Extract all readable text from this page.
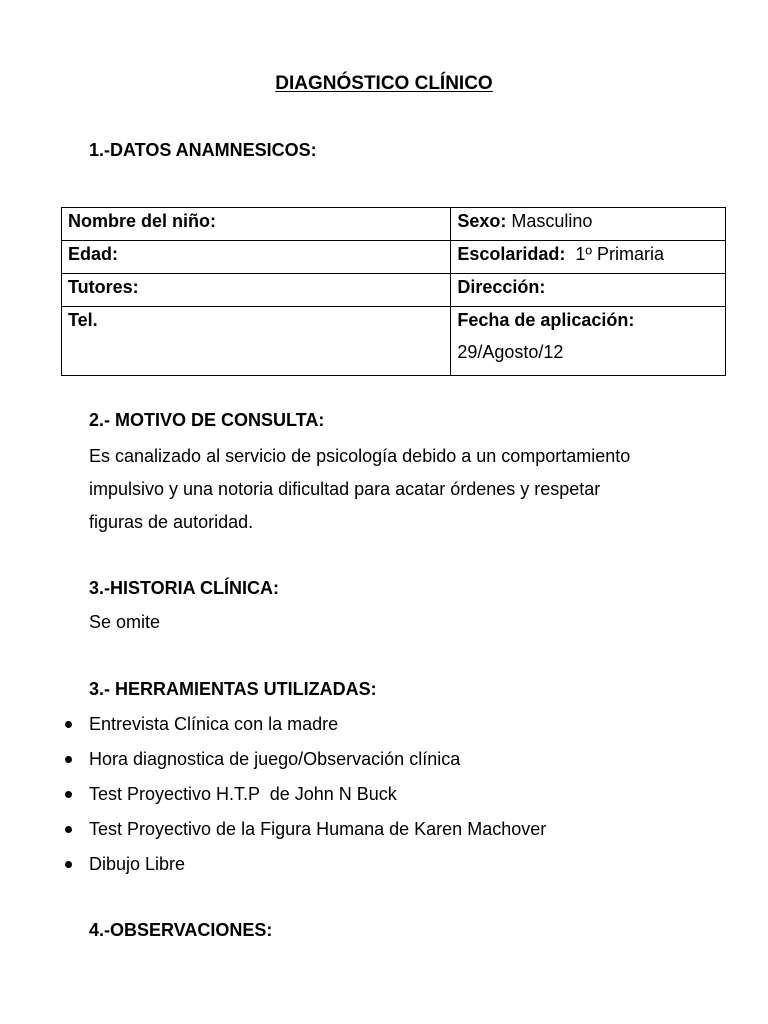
DIAGNÓSTICO CLÍNICO
1.-DATOS ANAMNESICOS:
Nombre del niño:	Sexo: Masculino
Edad:	Escolaridad:  1º Primaria
Tutores:	Dirección:
Tel.	Fecha de aplicación:
29/Agosto/12
2.- MOTIVO DE CONSULTA:
Es canalizado al servicio de psicología debido a un comportamiento
impulsivo y una notoria dificultad para acatar órdenes y respetar
figuras de autoridad.
3.-HISTORIA CLÍNICA:
Se omite
3.- HERRAMIENTAS UTILIZADAS:
Entrevista Clínica con la madre
Hora diagnostica de juego/Observación clínica
Test Proyectivo H.T.P  de John N Buck
Test Proyectivo de la Figura Humana de Karen Machover
Dibujo Libre
4.-OBSERVACIONES:
